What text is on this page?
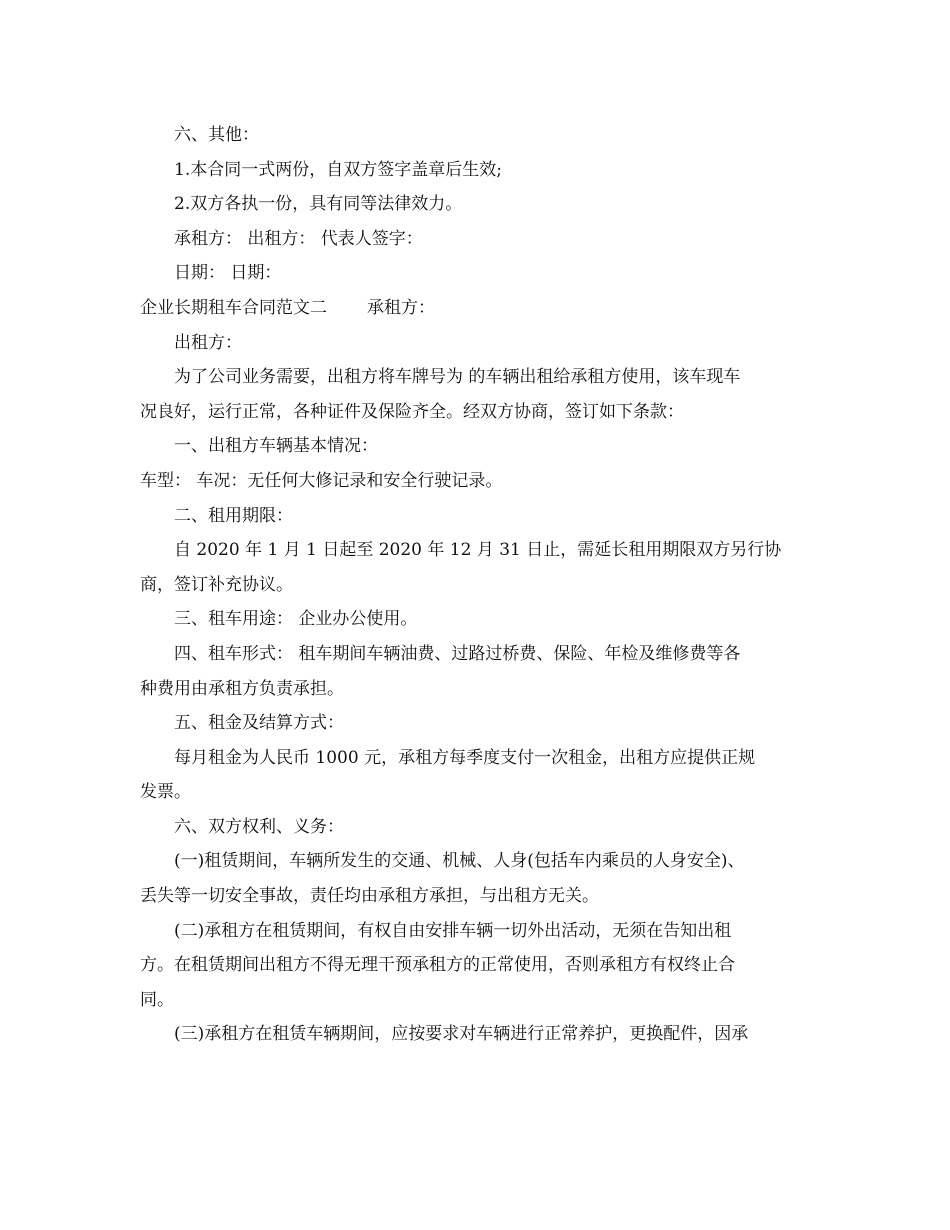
六、其他：
1.本合同一式两份，自双方签字盖章后生效;
2.双方各执一份，具有同等法律效力。
承租方： 出租方： 代表人签字：
日期： 日期：
企业长期租车合同范文二 承租方：
出租方：
为了公司业务需要，出租方将车牌号为 的车辆出租给承租方使用，该车现车
况良好，运行正常，各种证件及保险齐全。经双方协商，签订如下条款：
一、出租方车辆基本情况：
车型： 车况：无任何大修记录和安全行驶记录。
二、租用期限：
自 2020 年 1 月 1 日起至 2020 年 12 月 31 日止，需延长租用期限双方另行协
商，签订补充协议。
三、租车用途： 企业办公使用。
四、租车形式： 租车期间车辆油费、过路过桥费、保险、年检及维修费等各
种费用由承租方负责承担。
五、租金及结算方式：
每月租金为人民币 1000 元，承租方每季度支付一次租金，出租方应提供正规
发票。
六、双方权利、义务：
(一)租赁期间，车辆所发生的交通、机械、人身(包括车内乘员的人身安全)、
丢失等一切安全事故，责任均由承租方承担，与出租方无关。
(二)承租方在租赁期间，有权自由安排车辆一切外出活动，无须在告知出租
方。在租赁期间出租方不得无理干预承租方的正常使用，否则承租方有权终止合
同。
(三)承租方在租赁车辆期间，应按要求对车辆进行正常养护，更换配件，因承
